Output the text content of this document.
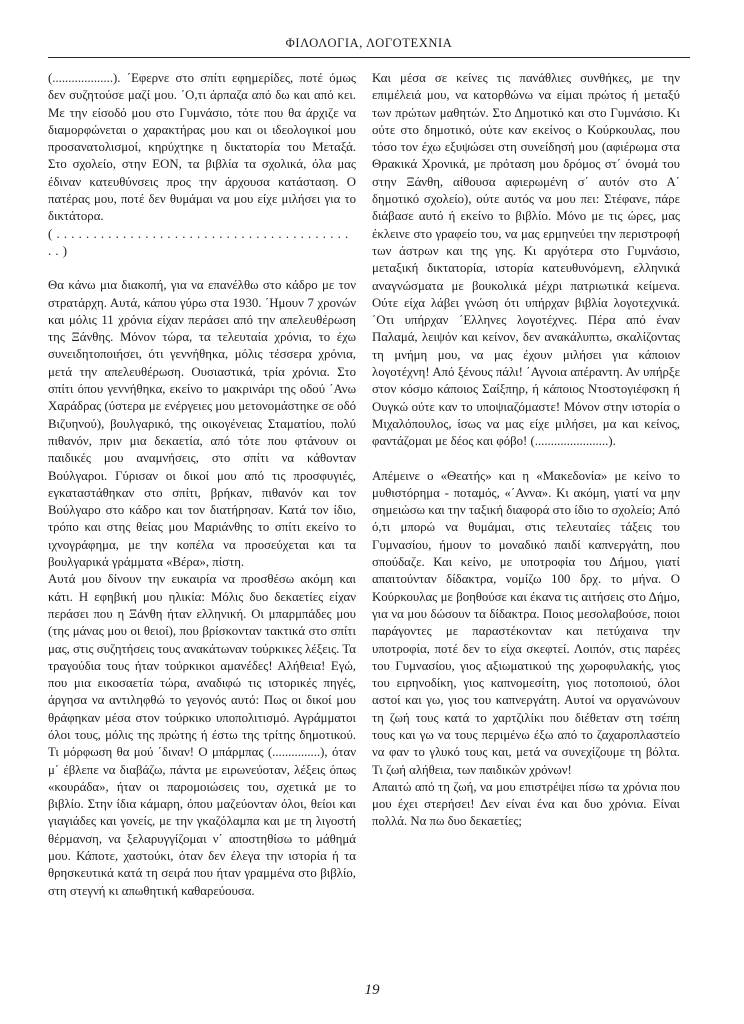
ΦΙΛΟΛΟΓΙΑ, ΛΟΓΟΤΕΧΝΙΑ

(...................). ΄Εφερνε στο σπίτι εφημερίδες, ποτέ όμως δεν συζητούσε μαζί μου. ΄Ο,τι άρπαζα από δω και από κει. Με την είσοδό μου στο Γυμνάσιο, τότε που θα άρχιζε να διαμορφώνεται ο χαρακτήρας μου και οι ιδεολογικοί μου προσανατολισμοί, κηρύχτηκε η δικτατορία του Μεταξά. Στο σχολείο, στην ΕΟΝ, τα βιβλία τα σχολικά, όλα μας έδιναν κατευθύνσεις προς την άρχουσα κατάσταση. Ο πατέρας μου, ποτέ δεν θυμάμαι να μου είχε μιλήσει για το δικτάτορα.

( . . . . . . . . . . . . . . . . . . . . . . . . . . . . . . . . . . . . . . . . . . )

Θα κάνω μια διακοπή, για να επανέλθω στο κάδρο με τον στρατάρχη. Αυτά, κάπου γύρω στα 1930. ΄Ημουν 7 χρονών και μόλις 11 χρόνια είχαν περάσει από την απελευθέρωση της Ξάνθης. Μόνον τώρα, τα τελευταία χρόνια, το έχω συνειδητοποιήσει, ότι γεννήθηκα, μόλις τέσσερα χρόνια, μετά την απελευθέρωση. Ουσιαστικά, τρία χρόνια. Στο σπίτι όπου γεννήθηκα, εκείνο το μακρινάρι της οδού ΄Ανω Χαράδρας (ύστερα με ενέργειες μου μετονομάστηκε σε οδό Βιζυηνού), βουλγαρικό, της οικογένειας Σταματίου, πολύ πιθανόν, πριν μια δεκαετία, από τότε που φτάνουν οι παιδικές μου αναμνήσεις, στο σπίτι να κάθονταν Βούλγαροι. Γύρισαν οι δικοί μου από τις προσφυγιές, εγκαταστάθηκαν στο σπίτι, βρήκαν, πιθανόν και τον Βούλγαρο στο κάδρο και τον διατήρησαν. Κατά τον ίδιο, τρόπο και στης θείας μου Μαριάνθης το σπίτι εκείνο το ιχνογράφημα, με την κοπέλα να προσεύχεται και τα βουλγαρικά γράμματα «Βέρα», πίστη.

Αυτά μου δίνουν την ευκαιρία να προσθέσω ακόμη και κάτι. Η εφηβική μου ηλικία: Μόλις δυο δεκαετίες είχαν περάσει που η Ξάνθη ήταν ελληνική. Οι μπαρμπάδες μου (της μάνας μου οι θειοί), που βρίσκονταν τακτικά στο σπίτι μας, στις συζητήσεις τους ανακάτωναν τούρκικες λέξεις. Τα τραγούδια τους ήταν τούρκικοι αμανέδες! Αλήθεια! Εγώ, που μια εικοσαετία τώρα, αναδιφώ τις ιστορικές πηγές, άργησα να αντιληφθώ το γεγονός αυτό: Πως οι δικοί μου θράφηκαν μέσα στον τούρκικο υποπολιτισμό. Αγράμματοι όλοι τους, μόλις της πρώτης ή έστω της τρίτης δημοτικού. Τι μόρφωση θα μού ΄διναν! Ο μπάρμπας (...............), όταν μ΄ έβλεπε να διαβάζω, πάντα με ειρωνεύοταν, λέξεις όπως «κουράδα», ήταν οι παρομοιώσεις του, σχετικά με το βιβλίο. Στην ίδια κάμαρη, όπου μαζεύονταν όλοι, θείοι και γιαγιάδες και γονείς, με την γκαζόλαμπα και με τη λιγοστή θέρμανση, να ξελαρυγγίζομαι ν΄ αποστηθίσω το μάθημά μου. Κάποτε, χαστούκι, όταν δεν έλεγα την ιστορία ή τα θρησκευτικά κατά τη σειρά που ήταν γραμμένα στο βιβλίο, στη στεγνή κι απωθητική καθαρεύουσα.

Και μέσα σε κείνες τις πανάθλιες συνθήκες, με την επιμέλειά μου, να κατορθώνω να είμαι πρώτος ή μεταξύ των πρώτων μαθητών. Στο Δημοτικό και στο Γυμνάσιο. Κι ούτε στο δημοτικό, ούτε καν εκείνος ο Κούρκουλας, που τόσο τον έχω εξυψώσει στη συνείδησή μου (αφιέρωμα στα Θρακικά Χρονικά, με πρόταση μου δρόμος στ΄ όνομά του στην Ξάνθη, αίθουσα αφιερωμένη σ΄ αυτόν στο Α΄ δημοτικό σχολείο), ούτε αυτός να μου πει: Στέφανε, πάρε διάβασε αυτό ή εκείνο το βιβλίο. Μόνο με τις ώρες, μας έκλεινε στο γραφείο του, να μας ερμηνεύει την περιστροφή των άστρων και της γης. Κι αργότερα στο Γυμνάσιο, μεταξική δικτατορία, ιστορία κατευθυνόμενη, ελληνικά αναγνώσματα με βουκολικά μέχρι πατριωτικά κείμενα. Ούτε είχα λάβει γνώση ότι υπήρχαν βιβλία λογοτεχνικά. ΄Οτι υπήρχαν ΄Ελληνες λογοτέχνες. Πέρα από έναν Παλαμά, λειψόν και κείνον, δεν ανακάλυπτω, σκαλίζοντας τη μνήμη μου, να μας έχουν μιλήσει για κάποιον λογοτέχνη! Από ξένους πάλι! ΄Αγνοια απέραντη. Αν υπήρξε στον κόσμο κάποιος Σαίξπηρ, ή κάποιος Ντοστογιέφσκη ή Ουγκώ ούτε καν το υποψιαζόμαστε! Μόνον στην ιστορία ο Μιχαλόπουλος, ίσως να μας είχε μιλήσει, μα και κείνος, φαντάζομαι με δέος και φόβο! (.......................).

Απέμεινε ο «Θεατής» και η «Μακεδονία» με κείνο το μυθιστόρημα - ποταμός, «΄Αννα». Κι ακόμη, γιατί να μην σημειώσω και την ταξική διαφορά στο ίδιο το σχολείο; Από ό,τι μπορώ να θυμάμαι, στις τελευταίες τάξεις του Γυμνασίου, ήμουν το μοναδικό παιδί καπνεργάτη, που σπούδαζε. Και κείνο, με υποτροφία του Δήμου, γιατί απαιτούνταν δίδακτρα, νομίζω 100 δρχ. το μήνα. Ο Κούρκουλας με βοηθούσε και έκανα τις αιτήσεις στο Δήμο, για να μου δώσουν τα δίδακτρα. Ποιος μεσολαβούσε, ποιοι παράγοντες με παραστέκονταν και πετύχαινα την υποτροφία, ποτέ δεν το είχα σκεφτεί. Λοιπόν, στις παρέες του Γυμνασίου, γιος αξιωματικού της χωροφυλακής, γιος του ειρηνοδίκη, γιος καπνομεσίτη, γιος ποτοποιού, όλοι αστοί και γω, γιος του καπνεργάτη. Αυτοί να οργανώνουν τη ζωή τους κατά το χαρτζιλίκι που διέθεταν στη τσέπη τους και γω να τους περιμένω έξω από το ζαχαροπλαστείο να φαν το γλυκό τους και, μετά να συνεχίζουμε τη βόλτα. Τι ζωή αλήθεια, των παιδικών χρόνων!

Απαιτώ από τη ζωή, να μου επιστρέψει πίσω τα χρόνια που μου έχει στερήσει! Δεν είναι ένα και δυο χρόνια. Είναι πολλά. Να πω δυο δεκαετίες;

19
